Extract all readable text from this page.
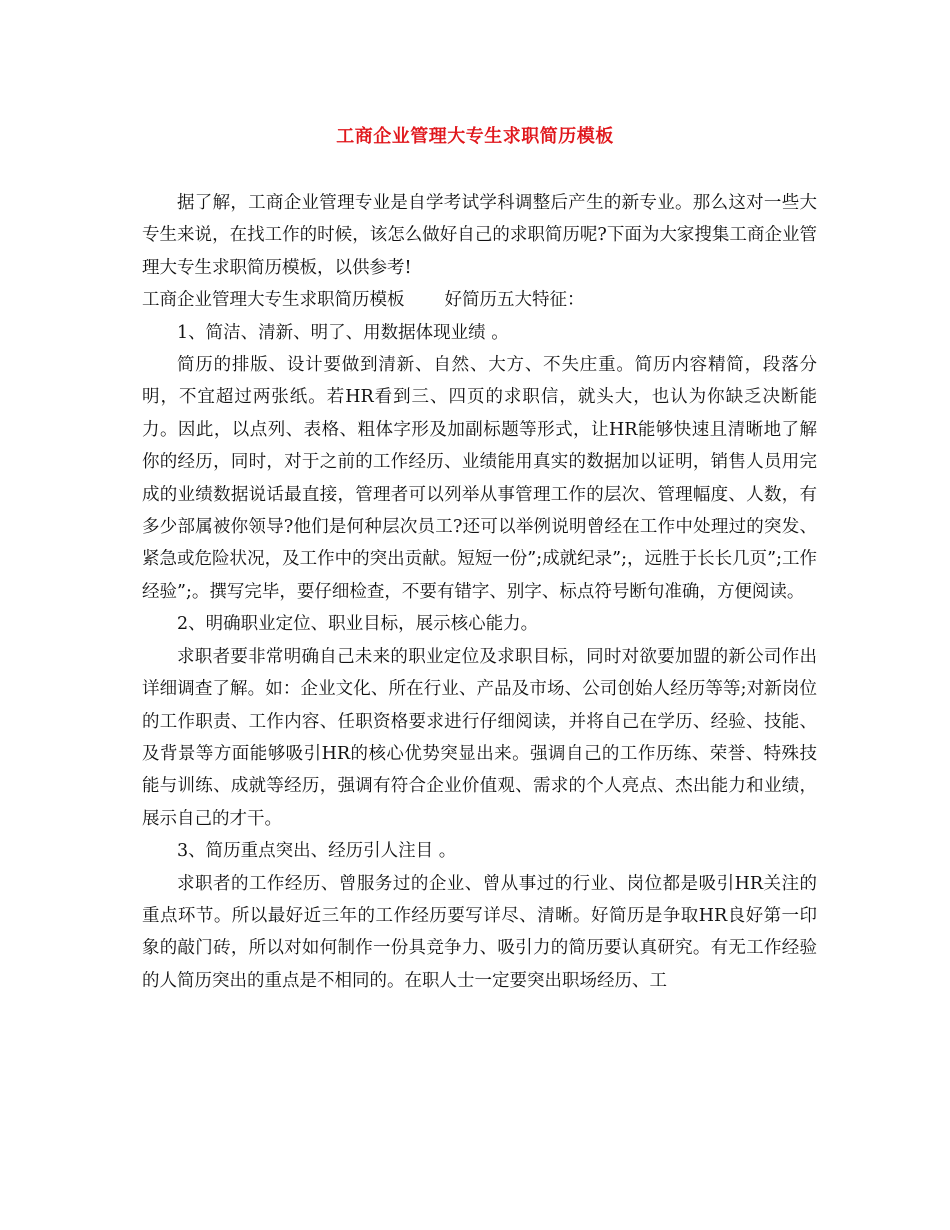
工商企业管理大专生求职简历模板

据了解，工商企业管理专业是自学考试学科调整后产生的新专业。那么这对一些大专生来说，在找工作的时候，该怎么做好自己的求职简历呢?下面为大家搜集工商企业管理大专生求职简历模板，以供参考!

工商企业管理大专生求职简历模板 好简历五大特征：

1、简洁、清新、明了、用数据体现业绩 。

简历的排版、设计要做到清新、自然、大方、不失庄重。简历内容精简，段落分明，不宜超过两张纸。若HR看到三、四页的求职信，就头大，也认为你缺乏决断能力。因此，以点列、表格、粗体字形及加副标题等形式，让HR能够快速且清晰地了解你的经历，同时，对于之前的工作经历、业绩能用真实的数据加以证明，销售人员用完成的业绩数据说话最直接，管理者可以列举从事管理工作的层次、管理幅度、人数，有多少部属被你领导?他们是何种层次员工?还可以举例说明曾经在工作中处理过的突发、紧急或危险状况，及工作中的突出贡献。短短一份”;成就纪录”;，远胜于长长几页”;工作经验”;。撰写完毕，要仔细检查，不要有错字、别字、标点符号断句准确，方便阅读。

2、明确职业定位、职业目标，展示核心能力。

求职者要非常明确自己未来的职业定位及求职目标，同时对欲要加盟的新公司作出详细调查了解。如：企业文化、所在行业、产品及市场、公司创始人经历等等;对新岗位的工作职责、工作内容、任职资格要求进行仔细阅读，并将自己在学历、经验、技能、及背景等方面能够吸引HR的核心优势突显出来。强调自己的工作历练、荣誉、特殊技能与训练、成就等经历，强调有符合企业价值观、需求的个人亮点、杰出能力和业绩，展示自己的才干。

3、简历重点突出、经历引人注目 。

求职者的工作经历、曾服务过的企业、曾从事过的行业、岗位都是吸引HR关注的重点环节。所以最好近三年的工作经历要写详尽、清晰。好简历是争取HR良好第一印象的敲门砖，所以对如何制作一份具竞争力、吸引力的简历要认真研究。有无工作经验的人简历突出的重点是不相同的。在职人士一定要突出职场经历、工
